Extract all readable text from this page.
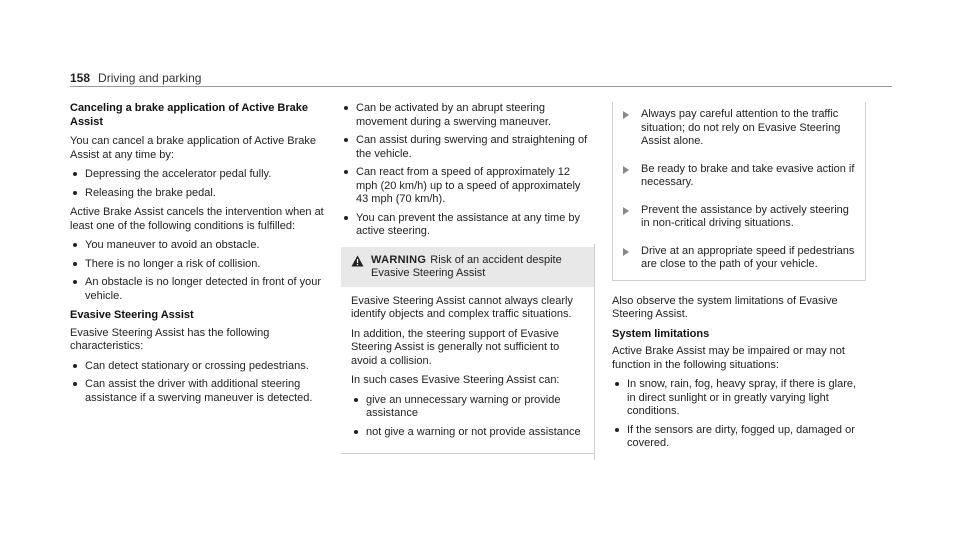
158 Driving and parking
Canceling a brake application of Active Brake Assist

You can cancel a brake application of Active Brake Assist at any time by:

Depressing the accelerator pedal fully.
Releasing the brake pedal.

Active Brake Assist cancels the intervention when at least one of the following conditions is fulfilled:

You maneuver to avoid an obstacle.
There is no longer a risk of collision.
An obstacle is no longer detected in front of your vehicle.
Evasive Steering Assist

Evasive Steering Assist has the following characteristics:

Can detect stationary or crossing pedestrians.
Can assist the driver with additional steering assistance if a swerving maneuver is detected.
Can be activated by an abrupt steering movement during a swerving maneuver.
Can assist during swerving and straightening of the vehicle.
Can react from a speed of approximately 12 mph (20 km/h) up to a speed of approximately 43 mph (70 km/h).
You can prevent the assistance at any time by active steering.
WARNING Risk of an accident despite Evasive Steering Assist

Evasive Steering Assist cannot always clearly identify objects and complex traffic situations.

In addition, the steering support of Evasive Steering Assist is generally not sufficient to avoid a collision.

In such cases Evasive Steering Assist can:

give an unnecessary warning or provide assistance
not give a warning or not provide assistance
Always pay careful attention to the traffic situation; do not rely on Evasive Steering Assist alone.
Be ready to brake and take evasive action if necessary.
Prevent the assistance by actively steering in non-critical driving situations.
Drive at an appropriate speed if pedestrians are close to the path of your vehicle.

Also observe the system limitations of Evasive Steering Assist.

System limitations

Active Brake Assist may be impaired or may not function in the following situations:

In snow, rain, fog, heavy spray, if there is glare, in direct sunlight or in greatly varying light conditions.
If the sensors are dirty, fogged up, damaged or covered.
